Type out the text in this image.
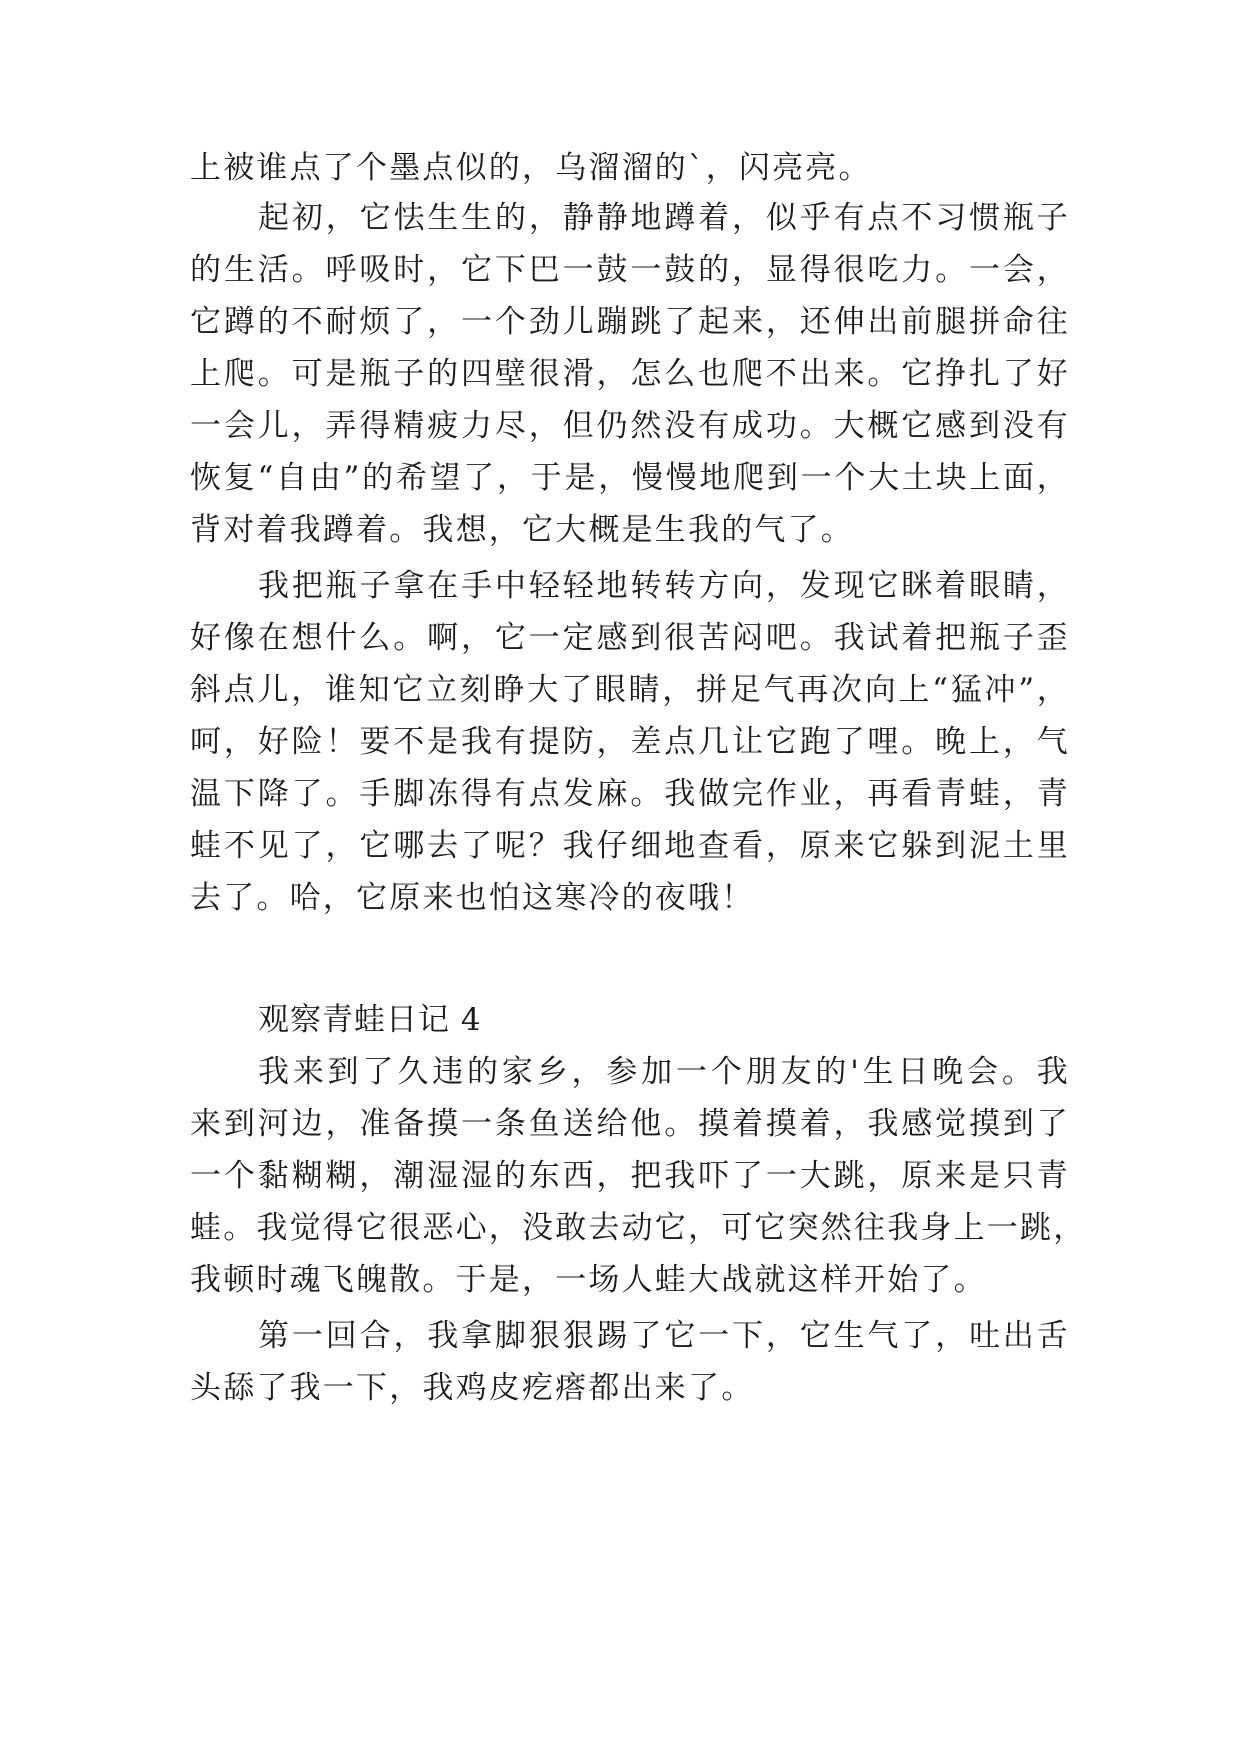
上被谁点了个墨点似的，乌溜溜的`，闪亮亮。

起初，它怯生生的，静静地蹲着，似乎有点不习惯瓶子

的生活。呼吸时，它下巴一鼓一鼓的，显得很吃力。一会，

它蹲的不耐烦了，一个劲儿蹦跳了起来，还伸出前腿拼命往

上爬。可是瓶子的四壁很滑，怎么也爬不出来。它挣扎了好

一会儿，弄得精疲力尽，但仍然没有成功。大概它感到没有

恢复“自由”的希望了，于是，慢慢地爬到一个大土块上面，

背对着我蹲着。我想，它大概是生我的气了。

我把瓶子拿在手中轻轻地转转方向，发现它眯着眼睛，

好像在想什么。啊，它一定感到很苦闷吧。我试着把瓶子歪

斜点儿，谁知它立刻睁大了眼睛，拼足气再次向上“猛冲”，

呵，好险！要不是我有提防，差点几让它跑了哩。晚上，气

温下降了。手脚冻得有点发麻。我做完作业，再看青蛙，青

蛙不见了，它哪去了呢？我仔细地查看，原来它躲到泥土里

去了。哈，它原来也怕这寒冷的夜哦！

观察青蛙日记 4

我来到了久违的家乡，参加一个朋友的'生日晚会。我

来到河边，准备摸一条鱼送给他。摸着摸着，我感觉摸到了

一个黏糊糊，潮湿湿的东西，把我吓了一大跳，原来是只青

蛙。我觉得它很恶心，没敢去动它，可它突然往我身上一跳，

我顿时魂飞魄散。于是，一场人蛙大战就这样开始了。

第一回合，我拿脚狠狠踢了它一下，它生气了，吐出舌

头舔了我一下，我鸡皮疙瘩都出来了。
